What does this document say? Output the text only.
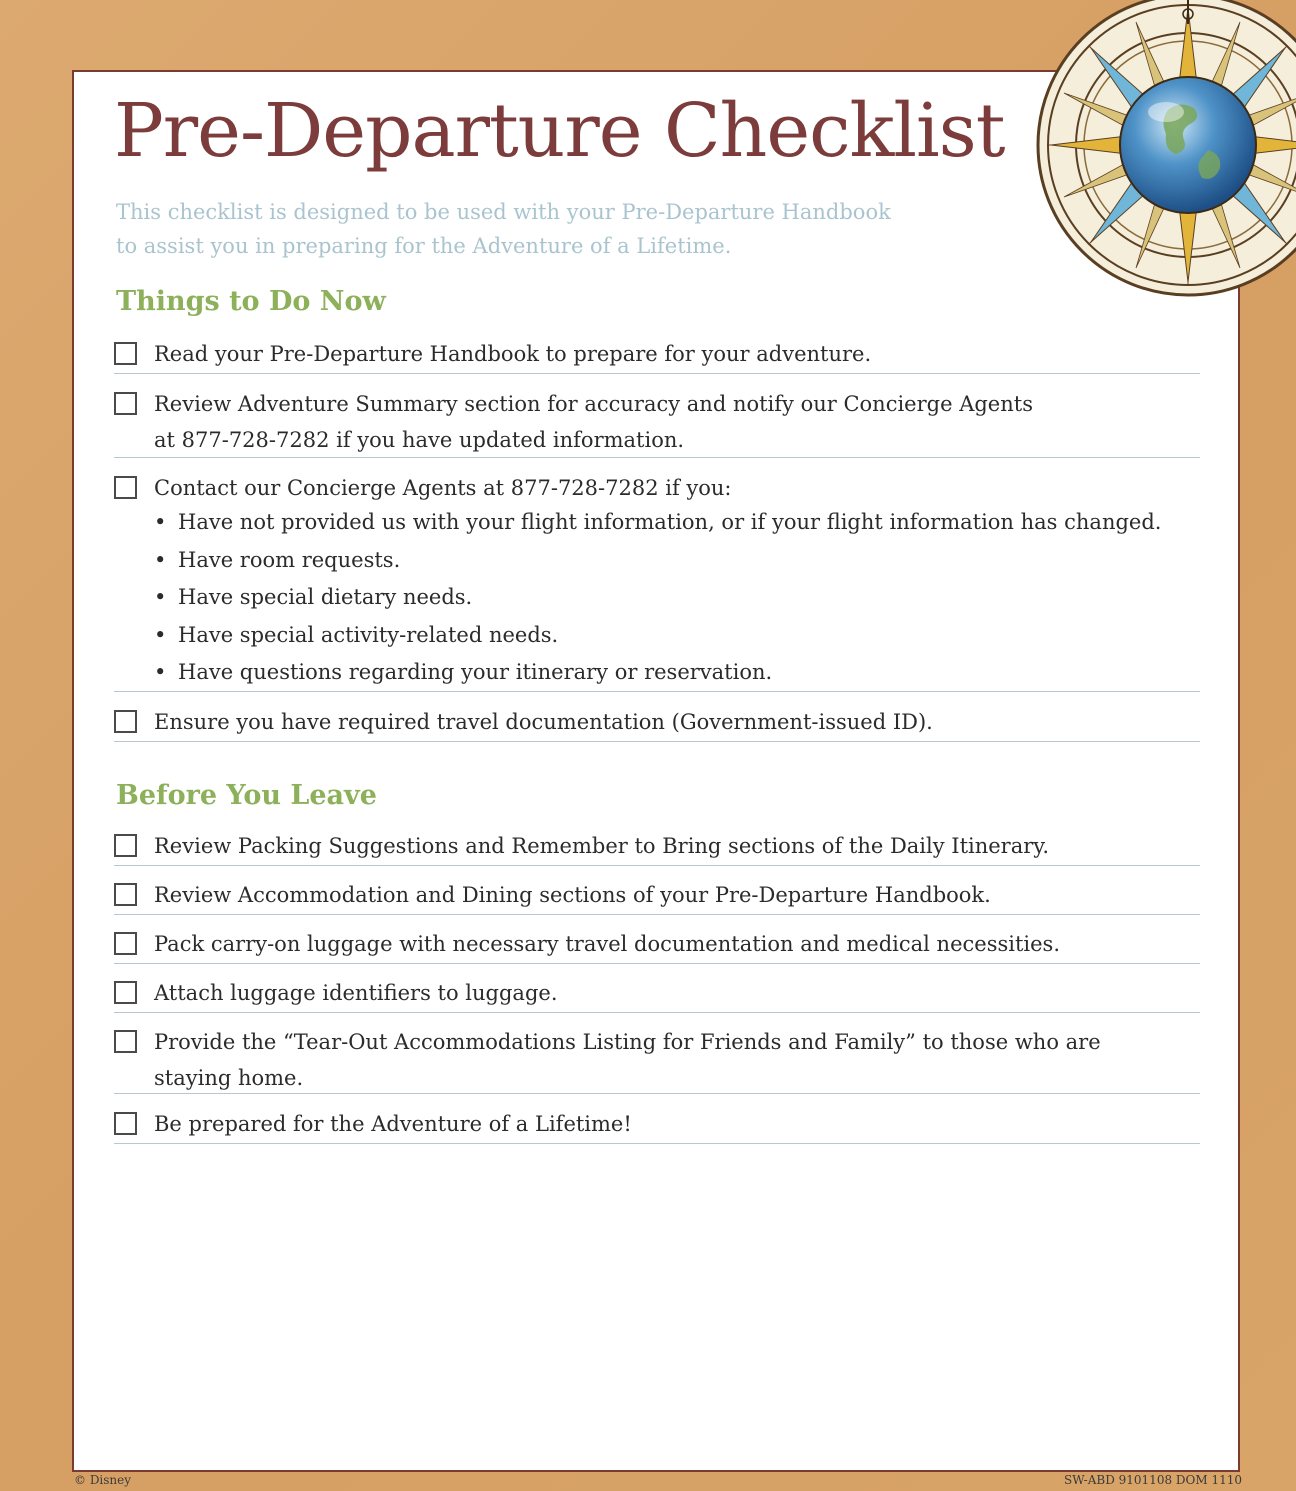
Pre-Departure Checklist
This checklist is designed to be used with your Pre-Departure Handbook
to assist you in preparing for the Adventure of a Lifetime.
Things to Do Now
Read your Pre-Departure Handbook to prepare for your adventure.
Review Adventure Summary section for accuracy and notify our Concierge Agents
at 877-728-7282 if you have updated information.
Contact our Concierge Agents at 877-728-7282 if you:
• Have not provided us with your flight information, or if your flight information has changed.
• Have room requests.
• Have special dietary needs.
• Have special activity-related needs.
• Have questions regarding your itinerary or reservation.
Ensure you have required travel documentation (Government-issued ID).
Before You Leave
Review Packing Suggestions and Remember to Bring sections of the Daily Itinerary.
Review Accommodation and Dining sections of your Pre-Departure Handbook.
Pack carry-on luggage with necessary travel documentation and medical necessities.
Attach luggage identifiers to luggage.
Provide the “Tear-Out Accommodations Listing for Friends and Family” to those who are
staying home.
Be prepared for the Adventure of a Lifetime!
© Disney	SW-ABD 9101108 DOM 1110
